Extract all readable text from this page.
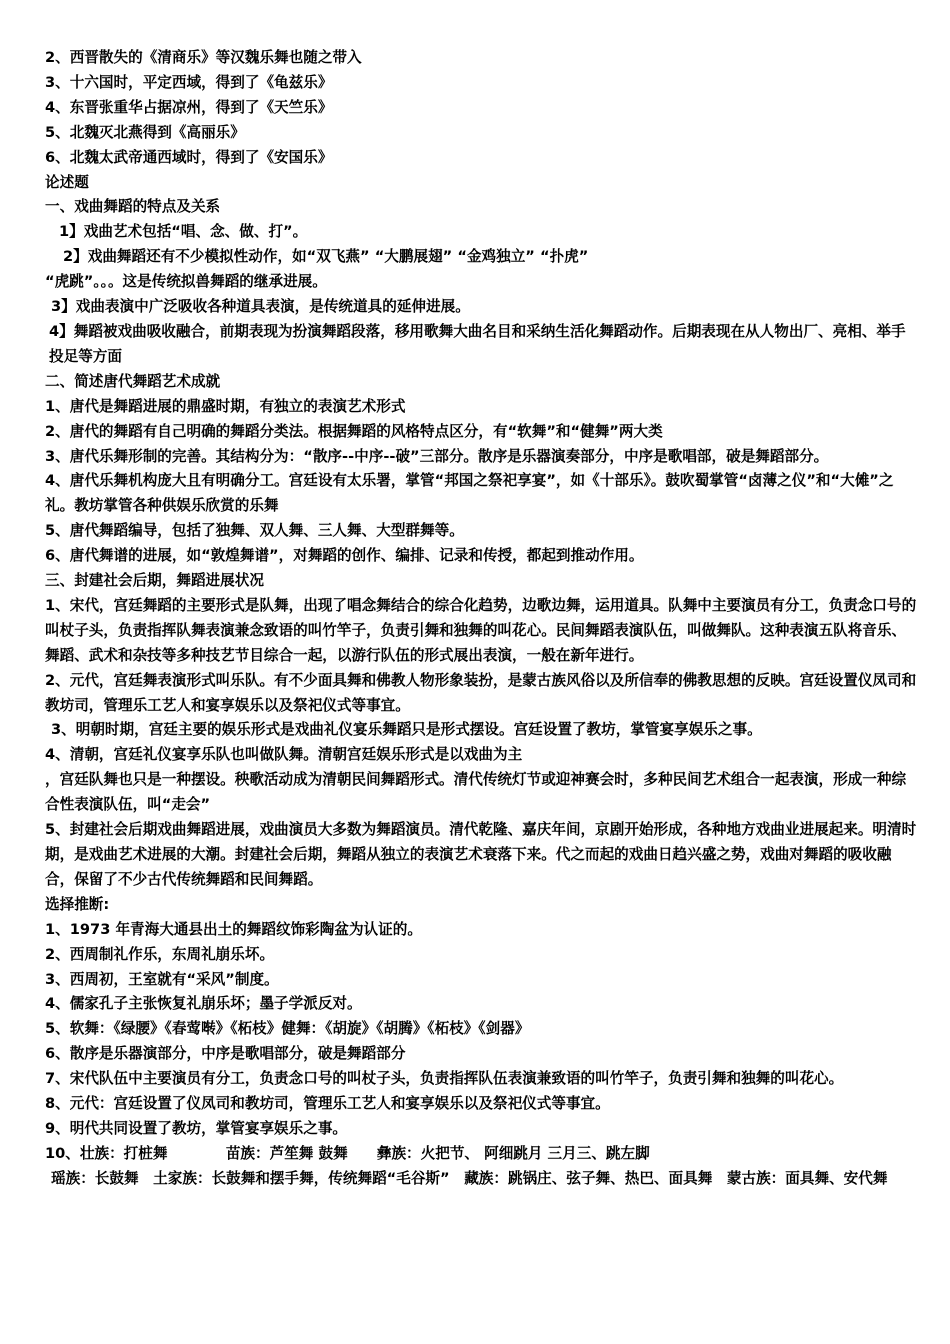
2、西晋散失的《清商乐》等汉魏乐舞也随之带入
3、十六国时，平定西域，得到了《龟兹乐》
4、东晋张重华占据凉州，得到了《天竺乐》
5、北魏灭北燕得到《高丽乐》
6、北魏太武帝通西域时，得到了《安国乐》
论述题
一、戏曲舞蹈的特点及关系
1】戏曲艺术包括“唱、念、做、打”。
2】戏曲舞蹈还有不少模拟性动作，如“双飞燕” “大鹏展翅” “金鸡独立” “扑虎”
“虎跳”。。。这是传统拟兽舞蹈的继承进展。
3】戏曲表演中广泛吸收各种道具表演，是传统道具的延伸进展。
4】舞蹈被戏曲吸收融合，前期表现为扮演舞蹈段落，移用歌舞大曲名目和采纳生活化舞蹈动作。后期表现在从人物出厂、亮相、举手投足等方面
二、简述唐代舞蹈艺术成就
1、唐代是舞蹈进展的鼎盛时期，有独立的表演艺术形式
2、唐代的舞蹈有自己明确的舞蹈分类法。根据舞蹈的风格特点区分，有“软舞”和“健舞”两大类
3、唐代乐舞形制的完善。其结构分为：“散序--中序--破”三部分。散序是乐器演奏部分，中序是歌唱部，破是舞蹈部分。
4、唐代乐舞机构庞大且有明确分工。宫廷设有太乐署，掌管“邦国之祭祀享宴”，如《十部乐》。鼓吹蜀掌管“卤薄之仪”和“大傩”之礼。教坊掌管各种供娱乐欣赏的乐舞
5、唐代舞蹈编导，包括了独舞、双人舞、三人舞、大型群舞等。
6、唐代舞谱的进展，如“敦煌舞谱”，对舞蹈的创作、编排、记录和传授，都起到推动作用。
三、封建社会后期，舞蹈进展状况
1、宋代，宫廷舞蹈的主要形式是队舞，出现了唱念舞结合的综合化趋势，边歌边舞，运用道具。队舞中主要演员有分工，负责念口号的叫杖子头，负责指挥队舞表演兼念致语的叫竹竿子，负责引舞和独舞的叫花心。民间舞蹈表演队伍，叫做舞队。这种表演五队将音乐、舞蹈、武术和杂技等多种技艺节目综合一起，以游行队伍的形式展出表演，一般在新年进行。
2、元代，宫廷舞表演形式叫乐队。有不少面具舞和佛教人物形象装扮，是蒙古族风俗以及所信奉的佛教思想的反映。宫廷设置仪凤司和教坊司，管理乐工艺人和宴享娱乐以及祭祀仪式等事宜。
3、明朝时期，宫廷主要的娱乐形式是戏曲礼仪宴乐舞蹈只是形式摆设。宫廷设置了教坊，掌管宴享娱乐之事。
4、清朝，宫廷礼仪宴享乐队也叫做队舞。清朝宫廷娱乐形式是以戏曲为主
，宫廷队舞也只是一种摆设。秧歌活动成为清朝民间舞蹈形式。清代传统灯节或迎神赛会时，多种民间艺术组合一起表演，形成一种综合性表演队伍，叫“走会”
5、封建社会后期戏曲舞蹈进展，戏曲演员大多数为舞蹈演员。清代乾隆、嘉庆年间，京剧开始形成，各种地方戏曲业进展起来。明清时期，是戏曲艺术进展的大潮。封建社会后期，舞蹈从独立的表演艺术衰落下来。代之而起的戏曲日趋兴盛之势，戏曲对舞蹈的吸收融合，保留了不少古代传统舞蹈和民间舞蹈。
选择推断:
1、1973 年青海大通县出土的舞蹈纹饰彩陶盆为认证的。
2、西周制礼作乐，东周礼崩乐坏。
3、西周初，王室就有“采风”制度。
4、儒家孔子主张恢复礼崩乐坏；墨子学派反对。
5、软舞：《绿腰》《春莺啭》《柘枝》健舞：《胡旋》《胡腾》《柘枝》《剑器》
6、散序是乐器演部分，中序是歌唱部分，破是舞蹈部分
7、宋代队伍中主要演员有分工，负责念口号的叫杖子头，负责指挥队伍表演兼致语的叫竹竿子，负责引舞和独舞的叫花心。
8、元代：宫廷设置了仪凤司和教坊司，管理乐工艺人和宴享娱乐以及祭祀仪式等事宜。
9、明代共同设置了教坊，掌管宴享娱乐之事。
10、壮族：打桩舞　　　　苗族：芦笙舞 鼓舞　　彝族：火把节、 阿细跳月 三月三、跳左脚
瑶族：长鼓舞　土家族：长鼓舞和摆手舞，传统舞蹈“毛谷斯”　藏族：跳锅庄、弦子舞、热巴、面具舞　蒙古族：面具舞、安代舞
